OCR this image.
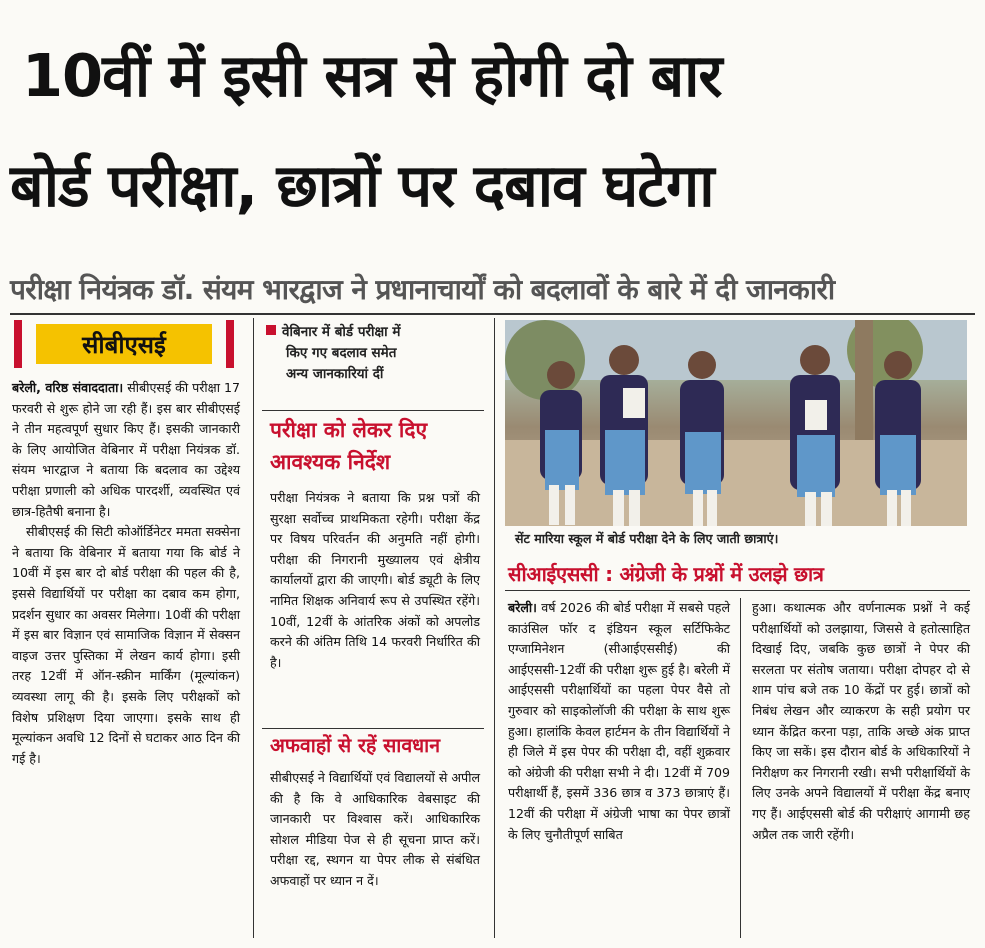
10वीं में इसी सत्र से होगी दो बार
बोर्ड परीक्षा, छात्रों पर दबाव घटेगा
परीक्षा नियंत्रक डॉ. संयम भारद्वाज ने प्रधानाचार्यों को बदलावों के बारे में दी जानकारी
सीबीएसई

बरेली, वरिष्ठ संवाददाता। सीबीएसई की परीक्षा 17 फरवरी से शुरू होने जा रही हैं। इस बार सीबीएसई ने तीन महत्वपूर्ण सुधार किए हैं। इसकी जानकारी के लिए आयोजित वेबिनार में परीक्षा नियंत्रक डॉ. संयम भारद्वाज ने बताया कि बदलाव का उद्देश्य परीक्षा प्रणाली को अधिक पारदर्शी, व्यवस्थित एवं छात्र-हितैषी बनाना है।

सीबीएसई की सिटी कोऑर्डिनेटर ममता सक्सेना ने बताया कि वेबिनार में बताया गया कि बोर्ड ने 10वीं में इस बार दो बोर्ड परीक्षा की पहल की है, इससे विद्यार्थियों पर परीक्षा का दबाव कम होगा, प्रदर्शन सुधार का अवसर मिलेगा। 10वीं की परीक्षा में इस बार विज्ञान एवं सामाजिक विज्ञान में सेक्सन वाइज उत्तर पुस्तिका में लेखन कार्य होगा। इसी तरह 12वीं में ऑन-स्क्रीन मार्किंग (मूल्यांकन) व्यवस्था लागू की है। इसके लिए परीक्षकों को विशेष प्रशिक्षण दिया जाएगा। इसके साथ ही मूल्यांकन अवधि 12 दिनों से घटाकर आठ दिन की गई है।

वेबिनार में बोर्ड परीक्षा में
किए गए बदलाव समेत
अन्य जानकारियां दीं
परीक्षा को लेकर दिए
आवश्यक निर्देश
परीक्षा नियंत्रक ने बताया कि प्रश्न पत्रों की सुरक्षा सर्वोच्च प्राथमिकता रहेगी। परीक्षा केंद्र पर विषय परिवर्तन की अनुमति नहीं होगी। परीक्षा की निगरानी मुख्यालय एवं क्षेत्रीय कार्यालयों द्वारा की जाएगी। बोर्ड ड्यूटी के लिए नामित शिक्षक अनिवार्य रूप से उपस्थित रहेंगे। 10वीं, 12वीं के आंतरिक अंकों को अपलोड करने की अंतिम तिथि 14 फरवरी निर्धारित की है।
अफवाहों से रहें सावधान
सीबीएसई ने विद्यार्थियों एवं विद्यालयों से अपील की है कि वे आधिकारिक वेबसाइट की जानकारी पर विश्वास करें। आधिकारिक सोशल मीडिया पेज से ही सूचना प्राप्त करें। परीक्षा रद्द, स्थगन या पेपर लीक से संबंधित अफवाहों पर ध्यान न दें।
सेंट मारिया स्कूल में बोर्ड परीक्षा देने के लिए जाती छात्राएं।
सीआईएससी : अंग्रेजी के प्रश्नों में उलझे छात्र
बरेली। वर्ष 2026 की बोर्ड परीक्षा में सबसे पहले काउंसिल फॉर द इंडियन स्कूल सर्टिफिकेट एग्जामिनेशन (सीआईएससीई) की आईएससी-12वीं की परीक्षा शुरू हुई है। बरेली में आईएससी परीक्षार्थियों का पहला पेपर वैसे तो गुरुवार को साइकोलॉजी की परीक्षा के साथ शुरू हुआ। हालांकि केवल हार्टमन के तीन विद्यार्थियों ने ही जिले में इस पेपर की परीक्षा दी, वहीं शुक्रवार को अंग्रेजी की परीक्षा सभी ने दी। 12वीं में 709 परीक्षार्थी हैं, इसमें 336 छात्र व 373 छात्राएं हैं। 12वीं की परीक्षा में अंग्रेजी भाषा का पेपर छात्रों के लिए चुनौतीपूर्ण साबित
हुआ। कथात्मक और वर्णनात्मक प्रश्नों ने कई परीक्षार्थियों को उलझाया, जिससे वे हतोत्साहित दिखाई दिए, जबकि कुछ छात्रों ने पेपर की सरलता पर संतोष जताया। परीक्षा दोपहर दो से शाम पांच बजे तक 10 केंद्रों पर हुई। छात्रों को निबंध लेखन और व्याकरण के सही प्रयोग पर ध्यान केंद्रित करना पड़ा, ताकि अच्छे अंक प्राप्त किए जा सकें। इस दौरान बोर्ड के अधिकारियों ने निरीक्षण कर निगरानी रखी। सभी परीक्षार्थियों के लिए उनके अपने विद्यालयों में परीक्षा केंद्र बनाए गए हैं। आईएससी बोर्ड की परीक्षाएं आगामी छह अप्रैल तक जारी रहेंगी।
